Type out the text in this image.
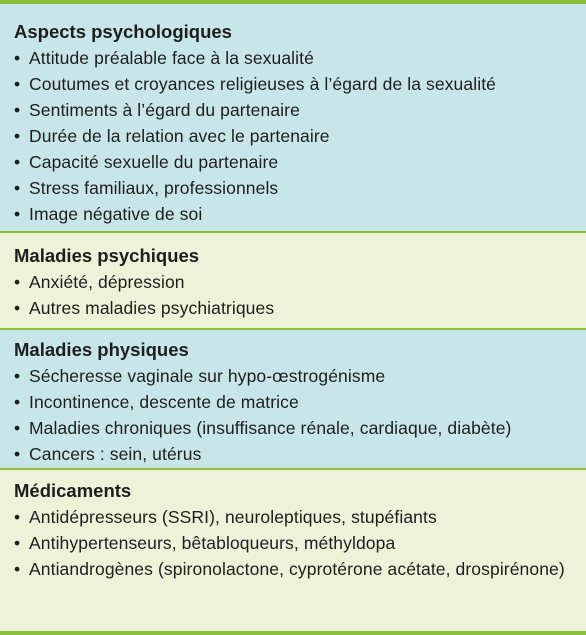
Aspects psychologiques
• Attitude préalable face à la sexualité
• Coutumes et croyances religieuses à l’égard de la sexualité
• Sentiments à l’égard du partenaire
• Durée de la relation avec le partenaire
• Capacité sexuelle du partenaire
• Stress familiaux, professionnels
• Image négative de soi
Maladies psychiques
• Anxiété, dépression
• Autres maladies psychiatriques
Maladies physiques
• Sécheresse vaginale sur hypo-œstrogénisme
• Incontinence, descente de matrice
• Maladies chroniques (insuffisance rénale, cardiaque, diabète)
• Cancers : sein, utérus
Médicaments
• Antidépresseurs (SSRI), neuroleptiques, stupéfiants
• Antihypertenseurs, bêtabloqueurs, méthyldopa
• Antiandrogènes (spironolactone, cyprotérone acétate, drospirénone)
